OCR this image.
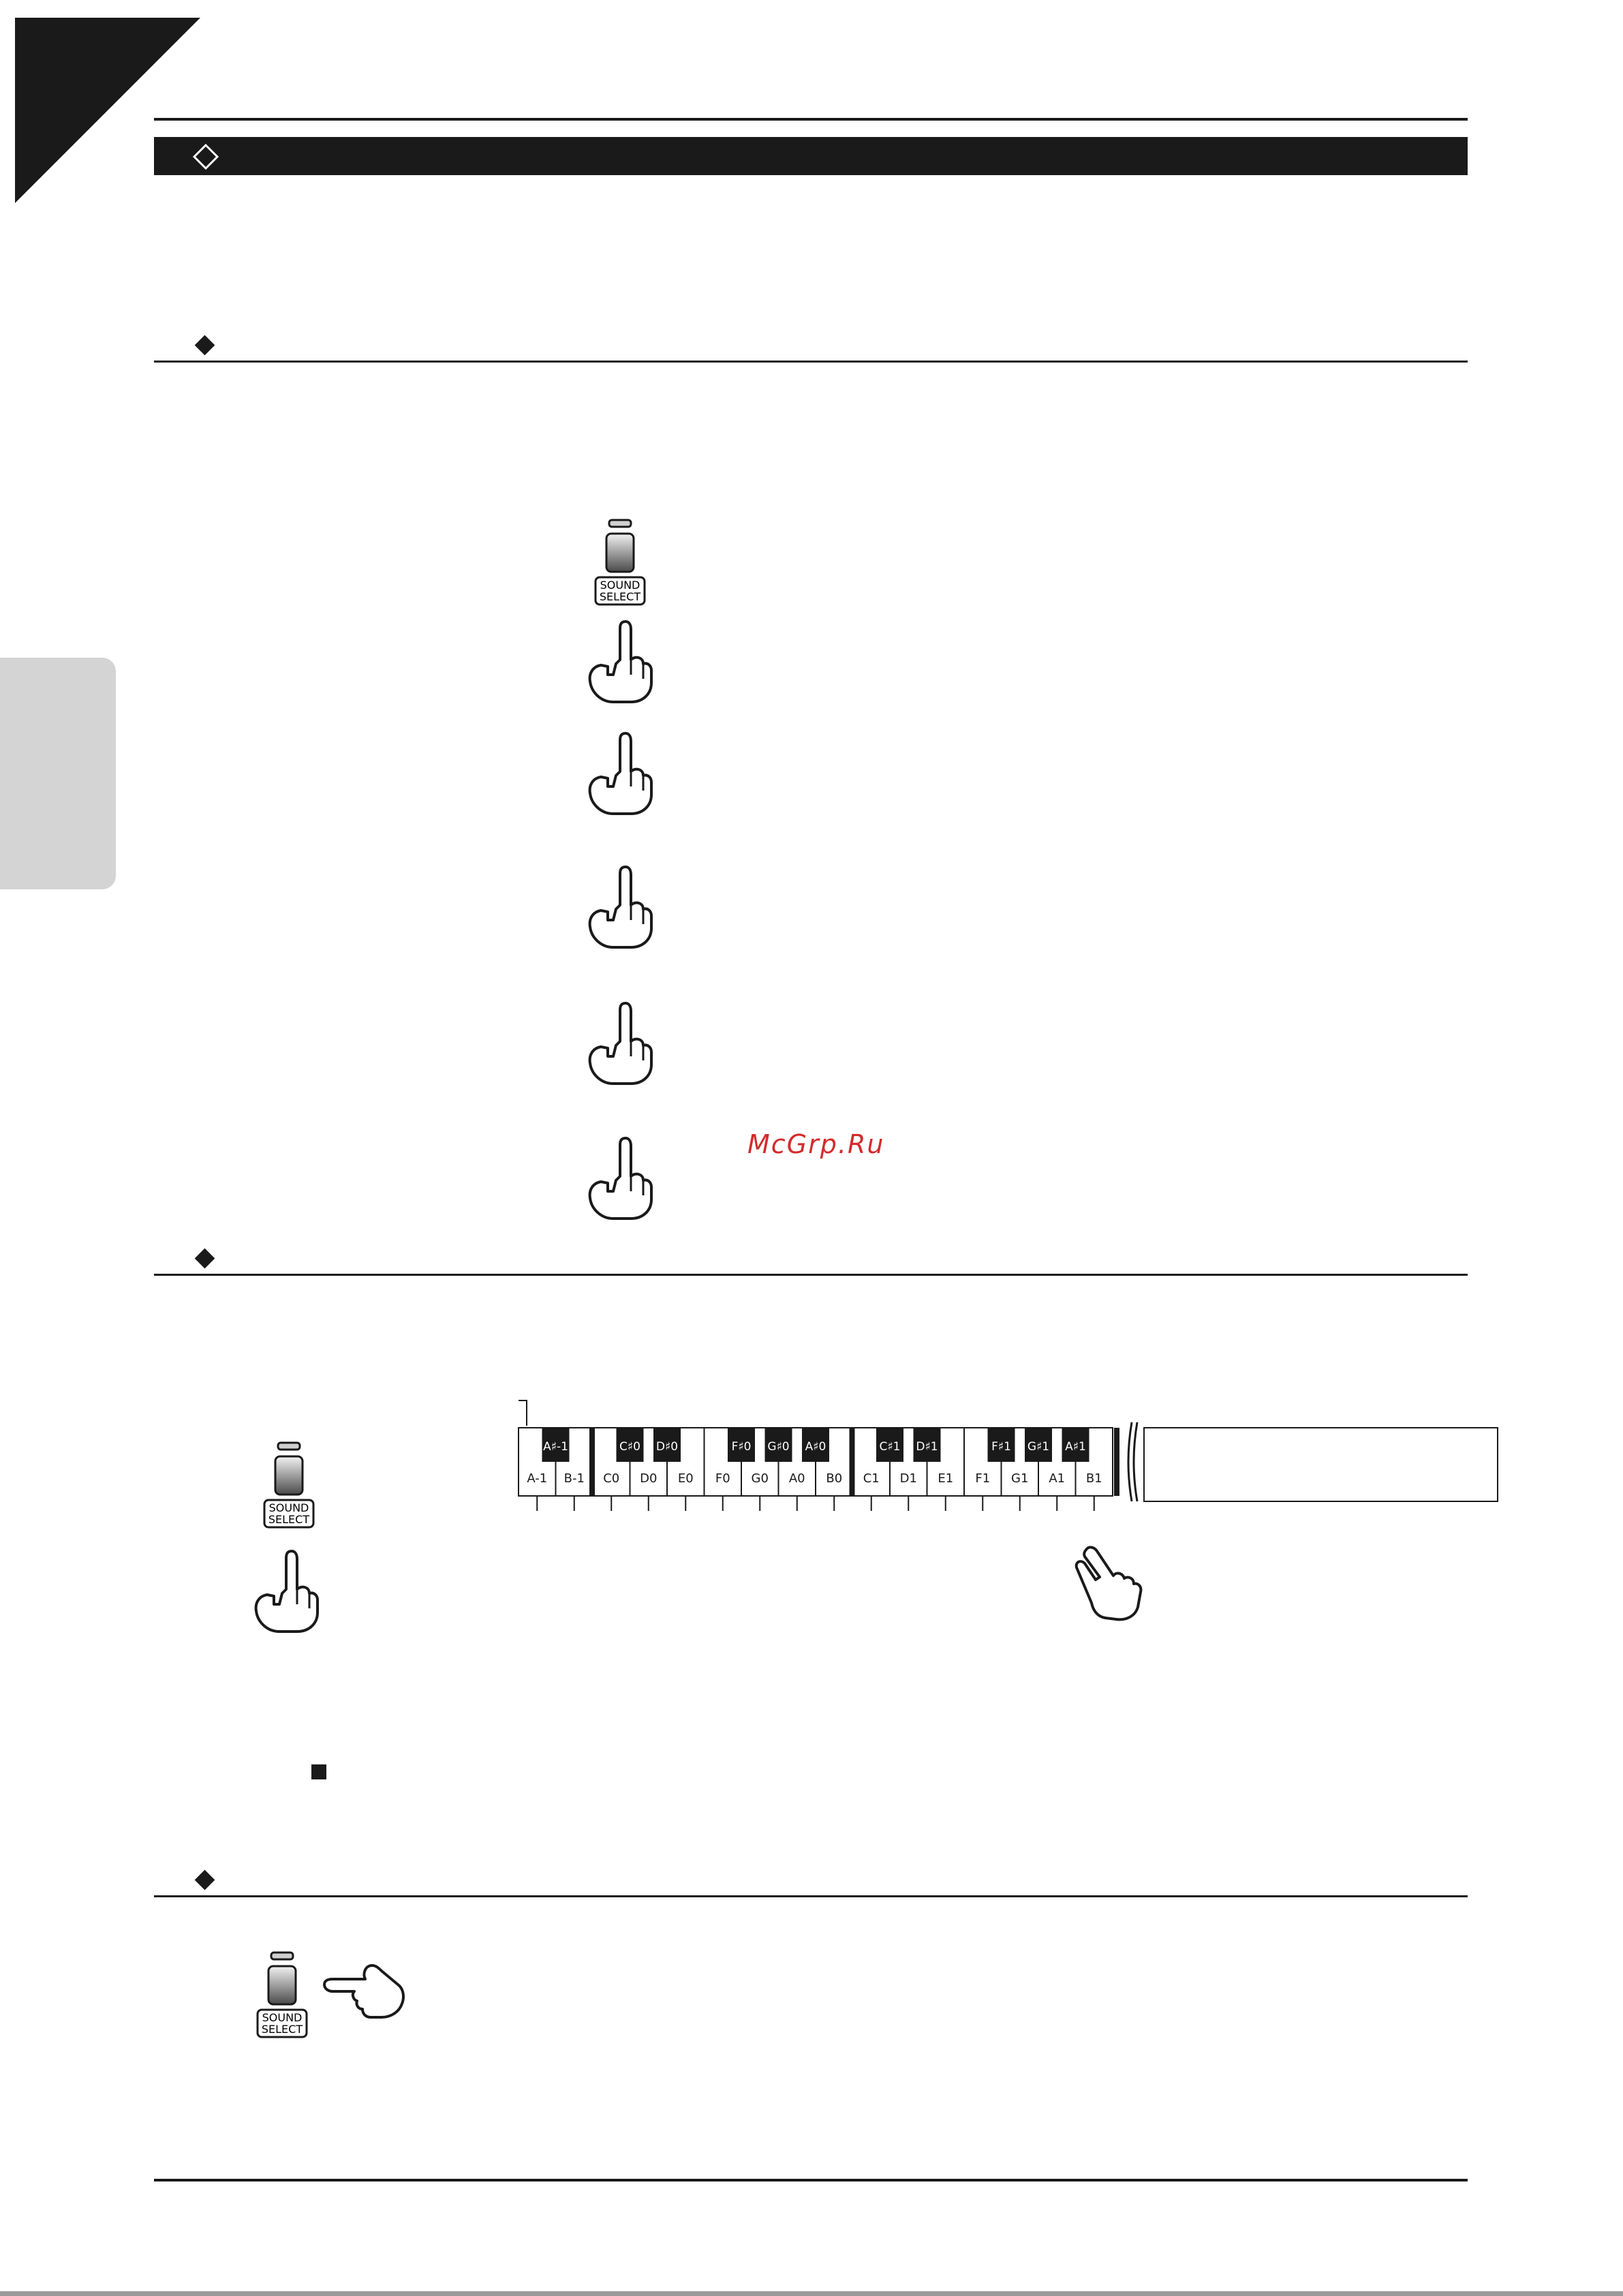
SOUND
SELECT
McGrp.Ru
SOUND
SELECT
A-1 B-1 C0 D0 E0 F0 G0 A0 B0 C1 D1 E1 F1 G1 A1 B1
A♯-1	C♯0 D♯0	F♯0 G♯0 A♯0	C♯1 D♯1	F♯1 G♯1 A♯1
SOUND
SELECT
